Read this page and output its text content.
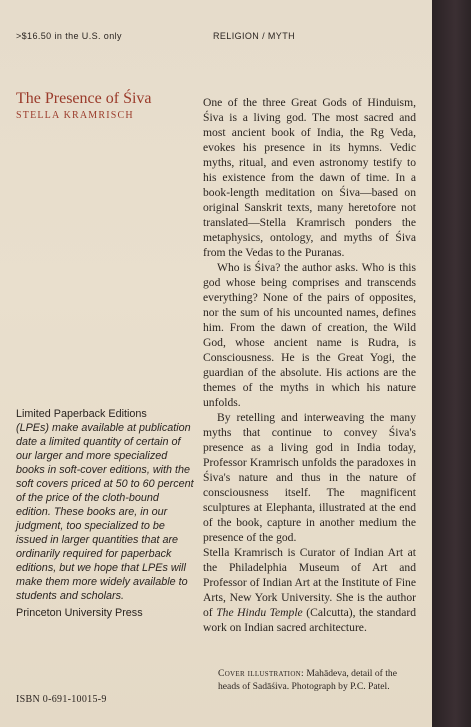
>$16.50 in the U.S. only	RELIGION / MYTH
The Presence of Śiva
STELLA KRAMRISCH

One of the three Great Gods of Hinduism, Śiva is a living god. The most sacred and most ancient book of India, the Rg Veda, evokes his presence in its hymns. Vedic myths, ritual, and even astronomy testify to his existence from the dawn of time. In a book-length meditation on Śiva—based on original Sanskrit texts, many heretofore not translated—Stella Kramrisch ponders the metaphysics, ontology, and myths of Śiva from the Vedas to the Puranas.

Who is Śiva? the author asks. Who is this god whose being comprises and transcends everything? None of the pairs of opposites, nor the sum of his uncounted names, defines him. From the dawn of creation, the Wild God, whose ancient name is Rudra, is Consciousness. He is the Great Yogi, the guardian of the absolute. His actions are the themes of the myths in which his nature unfolds.

By retelling and interweaving the many myths that continue to convey Śiva's presence as a living god in India today, Professor Kramrisch unfolds the paradoxes in Śiva's nature and thus in the nature of consciousness itself. The magnificent sculptures at Elephanta, illustrated at the end of the book, capture in another medium the presence of the god.

Stella Kramrisch is Curator of Indian Art at the Philadelphia Museum of Art and Professor of Indian Art at the Institute of Fine Arts, New York University. She is the author of The Hindu Temple (Calcutta), the standard work on Indian sacred architecture.

Limited Paperback Editions
(LPEs) make available at publication date a limited quantity of certain of our larger and more specialized books in soft-cover editions, with the soft covers priced at 50 to 60 percent of the price of the cloth-bound edition. These books are, in our judgment, too specialized to be issued in larger quantities that are ordinarily required for paperback editions, but we hope that LPEs will make them more widely available to students and scholars.
Princeton University Press
Cover illustration: Mahādeva, detail of the heads of Sadāśiva. Photograph by P.C. Patel.
ISBN 0-691-10015-9
